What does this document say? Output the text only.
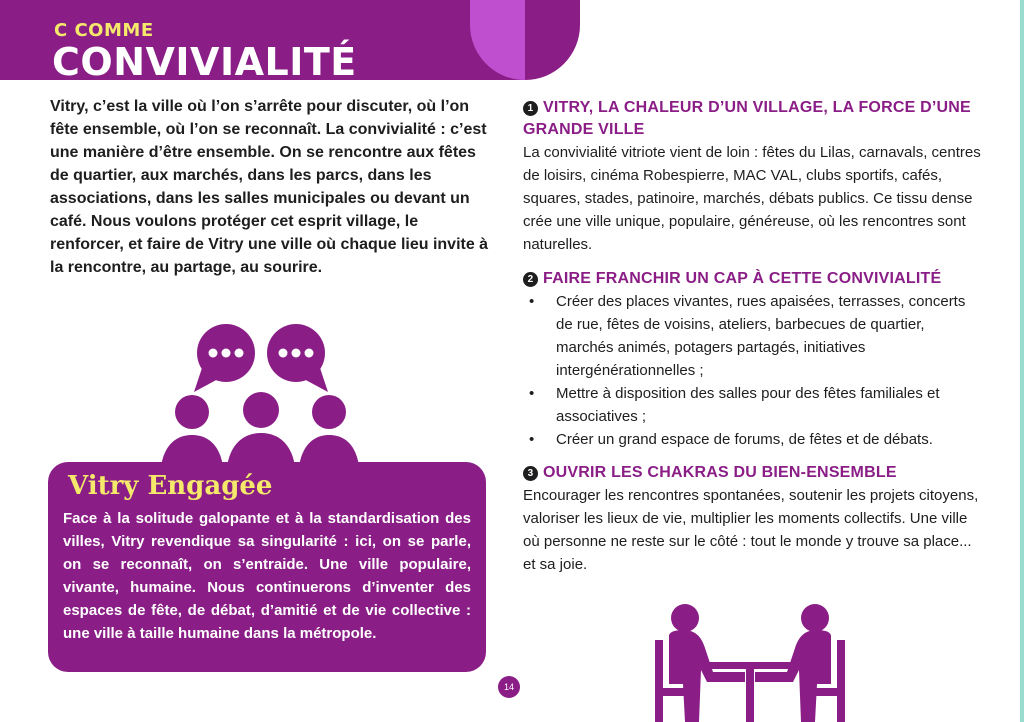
C COMME
CONVIVIALITÉ
Vitry, c’est la ville où l’on s’arrête pour discuter, où l’on fête ensemble, où l’on se reconnaît. La convivialité : c’est une manière d’être ensemble. On se rencontre aux fêtes de quartier, aux marchés, dans les parcs, dans les associations, dans les salles municipales ou devant un café. Nous voulons protéger cet esprit village, le renforcer, et faire de Vitry une ville où chaque lieu invite à la rencontre, au partage, au sourire.
Vitry Engagée
Face à la solitude galopante et à la standardisation des villes, Vitry revendique sa singularité : ici, on se parle, on se reconnaît, on s’entraide. Une ville populaire, vivante, humaine. Nous continuerons d’inventer des espaces de fête, de débat, d’amitié et de vie collective : une ville à taille humaine dans la métropole.
14
1 VITRY, LA CHALEUR D’UN VILLAGE, LA FORCE D’UNE GRANDE VILLE

La convivialité vitriote vient de loin : fêtes du Lilas, carnavals, centres de loisirs, cinéma Robespierre, MAC VAL, clubs sportifs, cafés, squares, stades, patinoire, marchés, débats publics. Ce tissu dense crée une ville unique, populaire, généreuse, où les rencontres sont naturelles.

2 FAIRE FRANCHIR UN CAP À CETTE CONVIVIALITÉ
• Créer des places vivantes, rues apaisées, terrasses, concerts de rue, fêtes de voisins, ateliers, barbecues de quartier, marchés animés, potagers partagés, initiatives intergénérationnelles ;
• Mettre à disposition des salles pour des fêtes familiales et associatives ;
• Créer un grand espace de forums, de fêtes et de débats.
3 OUVRIR LES CHAKRAS DU BIEN-ENSEMBLE

Encourager les rencontres spontanées, soutenir les projets citoyens, valoriser les lieux de vie, multiplier les moments collectifs. Une ville où personne ne reste sur le côté : tout le monde y trouve sa place... et sa joie.
